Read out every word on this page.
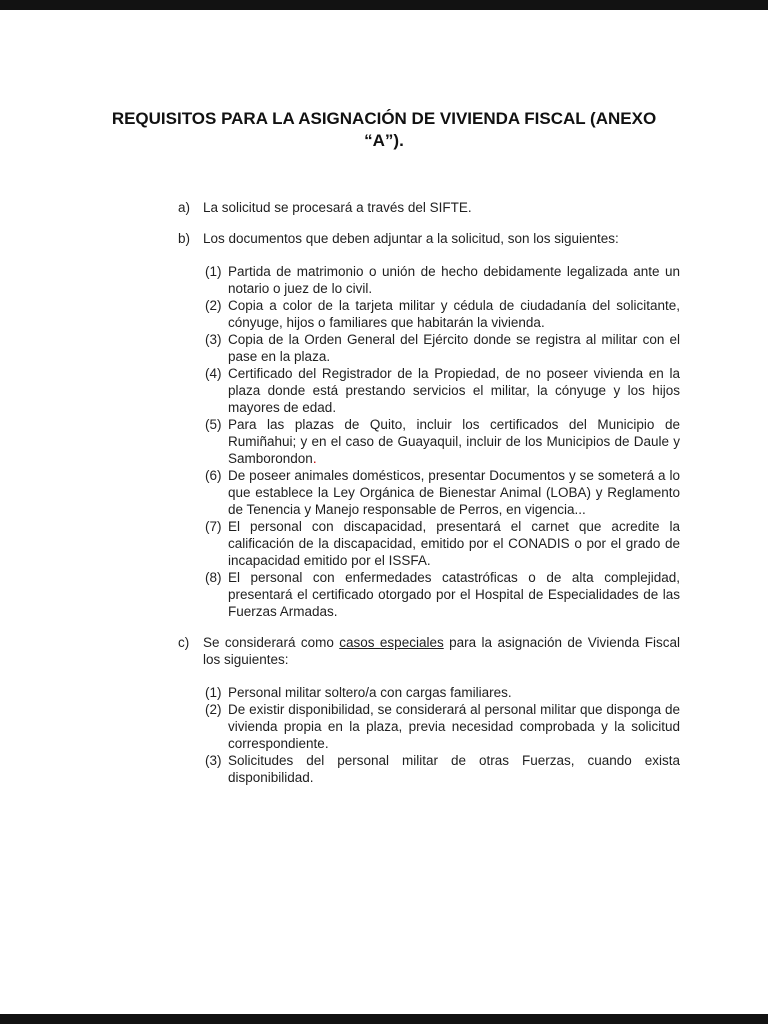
REQUISITOS PARA LA ASIGNACIÓN DE VIVIENDA FISCAL (ANEXO
“A”).
a) La solicitud se procesará a través del SIFTE.
b) Los documentos que deben adjuntar a la solicitud, son los siguientes:
(1) Partida de matrimonio o unión de hecho debidamente legalizada ante un notario o juez de lo civil.
(2) Copia a color de la tarjeta militar y cédula de ciudadanía del solicitante, cónyuge, hijos o familiares que habitarán la vivienda.
(3) Copia de la Orden General del Ejército donde se registra al militar con el pase en la plaza.
(4) Certificado del Registrador de la Propiedad, de no poseer vivienda en la plaza donde está prestando servicios el militar, la cónyuge y los hijos mayores de edad.
(5) Para las plazas de Quito, incluir los certificados del Municipio de Rumiñahui; y en el caso de Guayaquil, incluir de los Municipios de Daule y Samborondon.
(6) De poseer animales domésticos, presentar Documentos y se someterá a lo que establece la Ley Orgánica de Bienestar Animal (LOBA) y Reglamento de Tenencia y Manejo responsable de Perros, en vigencia...
(7) El personal con discapacidad, presentará el carnet que acredite la calificación de la discapacidad, emitido por el CONADIS o por el grado de incapacidad emitido por el ISSFA.
(8) El personal con enfermedades catastróficas o de alta complejidad, presentará el certificado otorgado por el Hospital de Especialidades de las Fuerzas Armadas.
c)	Se considerará como casos especiales para la asignación de Vivienda Fiscal los siguientes:
(1) Personal militar soltero/a con cargas familiares.
(2) De existir disponibilidad, se considerará al personal militar que disponga de vivienda propia en la plaza, previa necesidad comprobada y la solicitud correspondiente.
(3) Solicitudes del personal militar de otras Fuerzas, cuando exista disponibilidad.
